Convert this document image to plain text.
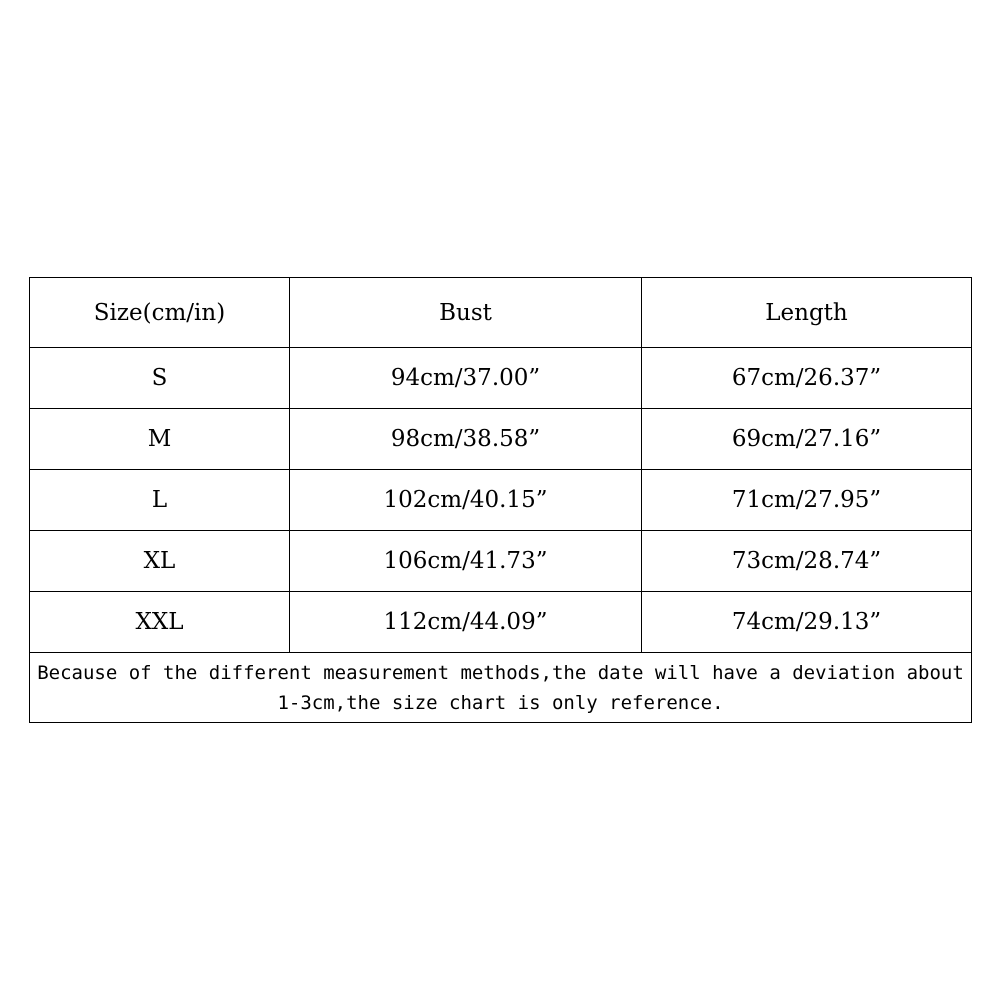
Size(cm/in)	Bust	Length
S	94cm/37.00”	67cm/26.37”
M	98cm/38.58”	69cm/27.16”
L	102cm/40.15”	71cm/27.95”
XL	106cm/41.73”	73cm/28.74”
XXL	112cm/44.09”	74cm/29.13”

Because of the different measurement methods,the date will have a deviation about
1-3cm,the size chart is only reference.		
